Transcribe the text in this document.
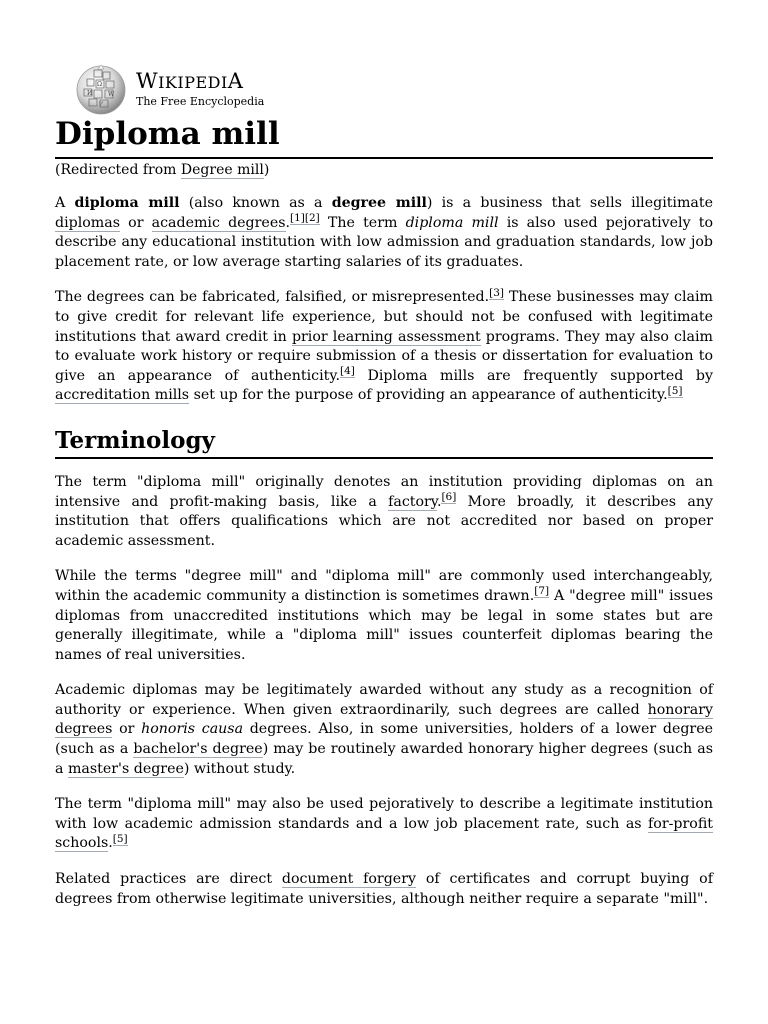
Ω
W
И
ア
WIKIPEDIA
The Free Encyclopedia
Diploma mill
(Redirected from Degree mill)

A diploma mill (also known as a degree mill) is a business that sells illegitimate diplomas or academic degrees.[1][2] The term diploma mill is also used pejoratively to describe any educational institution with low admission and graduation standards, low job placement rate, or low average starting salaries of its graduates.

The degrees can be fabricated, falsified, or misrepresented.[3] These businesses may claim to give credit for relevant life experience, but should not be confused with legitimate institutions that award credit in prior learning assessment programs. They may also claim to evaluate work history or require submission of a thesis or dissertation for evaluation to give an appearance of authenticity.[4] Diploma mills are frequently supported by accreditation mills set up for the purpose of providing an appearance of authenticity.[5]

Terminology

The term "diploma mill" originally denotes an institution providing diplomas on an intensive and profit-making basis, like a factory.[6] More broadly, it describes any institution that offers qualifications which are not accredited nor based on proper academic assessment.

While the terms "degree mill" and "diploma mill" are commonly used interchangeably, within the academic community a distinction is sometimes drawn.[7] A "degree mill" issues diplomas from unaccredited institutions which may be legal in some states but are generally illegitimate, while a "diploma mill" issues counterfeit diplomas bearing the names of real universities.

Academic diplomas may be legitimately awarded without any study as a recognition of authority or experience. When given extraordinarily, such degrees are called honorary degrees or honoris causa degrees. Also, in some universities, holders of a lower degree (such as a bachelor's degree) may be routinely awarded honorary higher degrees (such as a master's degree) without study.

The term "diploma mill" may also be used pejoratively to describe a legitimate institution with low academic admission standards and a low job placement rate, such as for-profit schools.[5]

Related practices are direct document forgery of certificates and corrupt buying of degrees from otherwise legitimate universities, although neither require a separate "mill".
